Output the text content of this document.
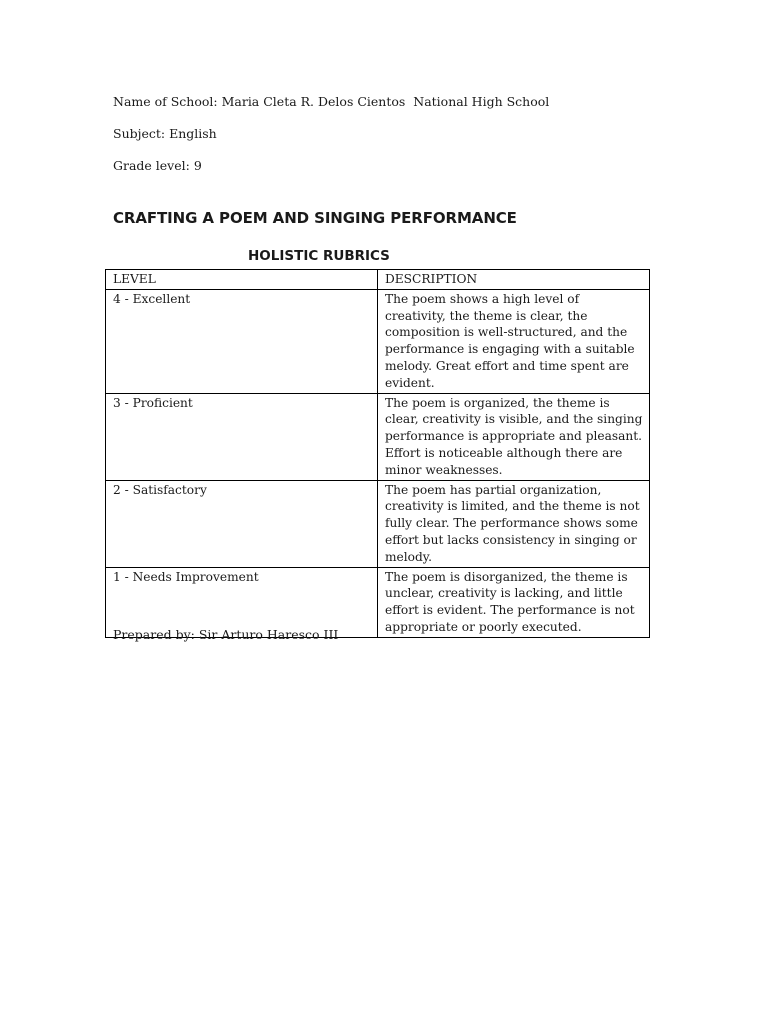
Name of School: Maria Cleta R. Delos Cientos  National High School
Subject: English
Grade level: 9
CRAFTING A POEM AND SINGING PERFORMANCE
HOLISTIC RUBRICS
LEVEL	DESCRIPTION
4 - Excellent	The poem shows a high level of creativity, the theme is clear, the composition is well-structured, and the performance is engaging with a suitable melody. Great effort and time spent are evident.
3 - Proficient	The poem is organized, the theme is clear, creativity is visible, and the singing performance is appropriate and pleasant. Effort is noticeable although there are minor weaknesses.
2 - Satisfactory	The poem has partial organization, creativity is limited, and the theme is not fully clear. The performance shows some effort but lacks consistency in singing or melody.
1 - Needs Improvement	The poem is disorganized, the theme is unclear, creativity is lacking, and little effort is evident. The performance is not appropriate or poorly executed.
Prepared by: Sir Arturo Haresco III
